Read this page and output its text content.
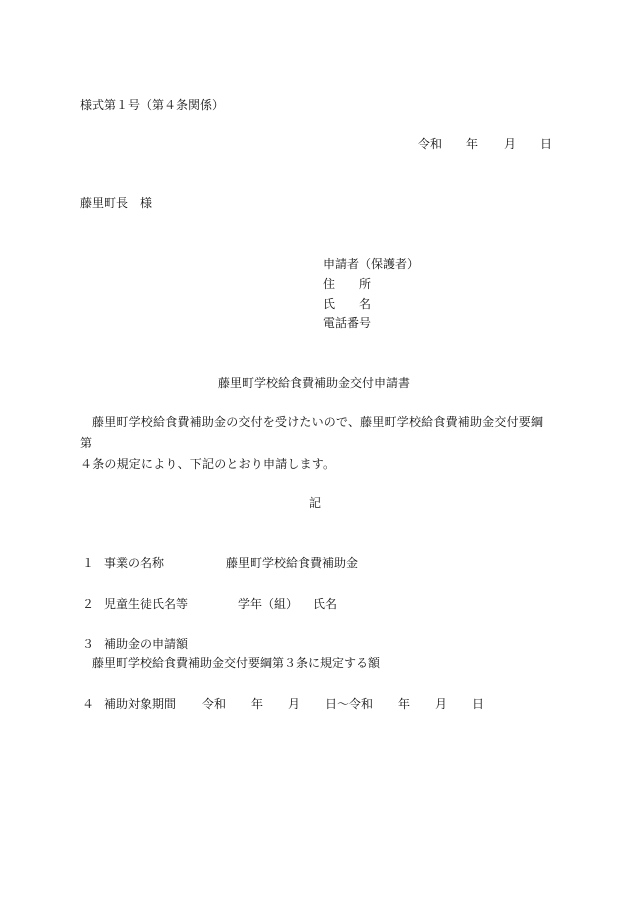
様式第１号（第４条関係）
令和 年 月 日
藤里町長　様
申請者（保護者）
住　　所
氏　　名
電話番号
藤里町学校給食費補助金交付申請書
藤里町学校給食費補助金の交付を受けたいので、藤里町学校給食費補助金交付要綱第
４条の規定により、下記のとおり申請します。
記
１ 事業の名称	藤里町学校給食費補助金
２ 児童生徒氏名等	学年（組） 氏名
３ 補助金の申請額
藤里町学校給食費補助金交付要綱第３条に規定する額
４ 補助対象期間 令和 年 月 日～令和 年 月 日
